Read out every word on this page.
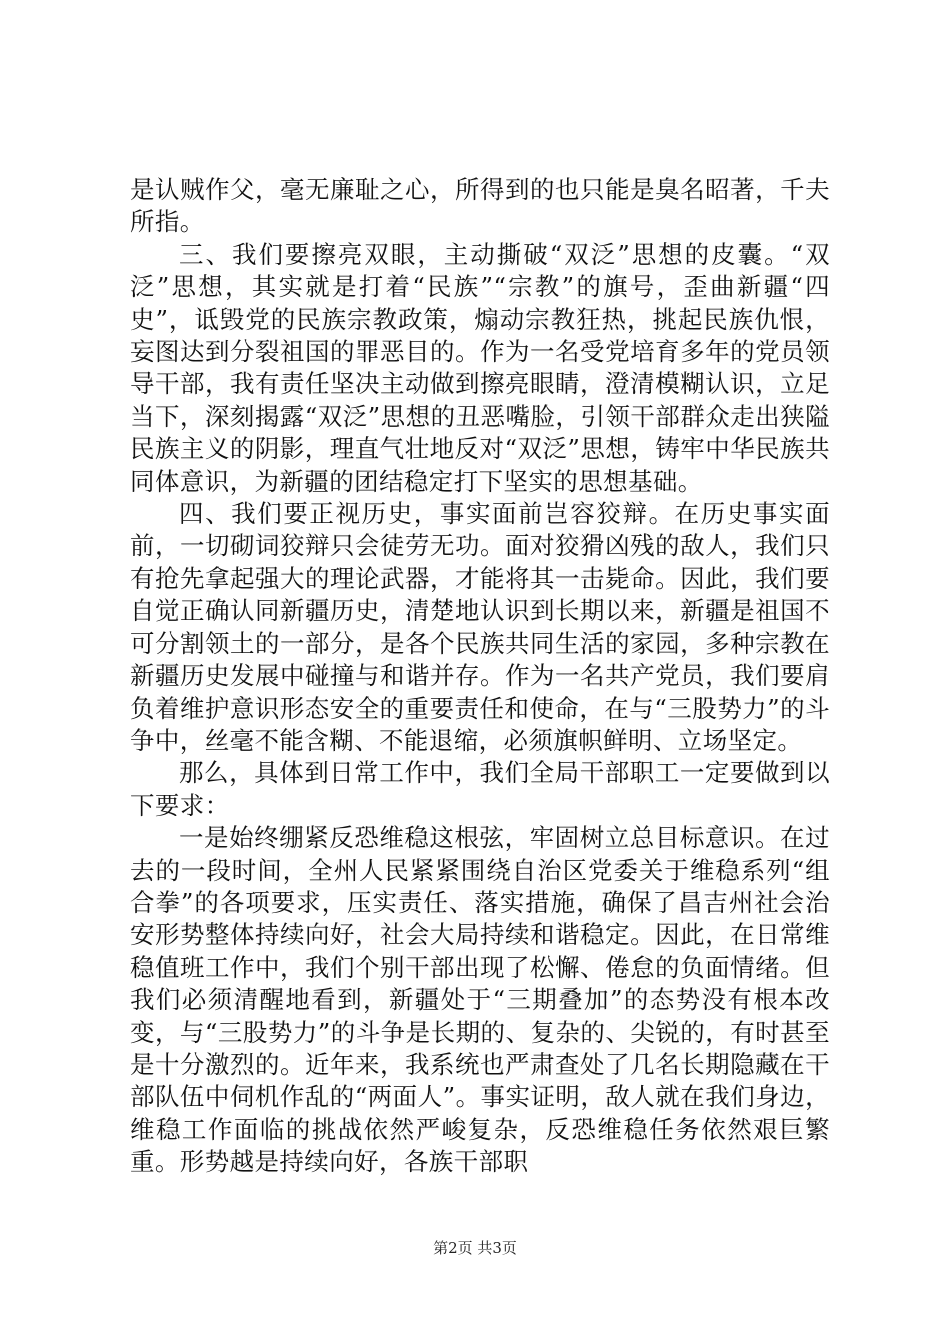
是认贼作父，毫无廉耻之心，所得到的也只能是臭名昭著，千夫所指。

三、我们要擦亮双眼，主动撕破“双泛”思想的皮囊。“双泛”思想，其实就是打着“民族”“宗教”的旗号，歪曲新疆“四史”，诋毁党的民族宗教政策，煽动宗教狂热，挑起民族仇恨，妄图达到分裂祖国的罪恶目的。作为一名受党培育多年的党员领导干部，我有责任坚决主动做到擦亮眼睛，澄清模糊认识，立足当下，深刻揭露“双泛”思想的丑恶嘴脸，引领干部群众走出狭隘民族主义的阴影，理直气壮地反对“双泛”思想，铸牢中华民族共同体意识，为新疆的团结稳定打下坚实的思想基础。

四、我们要正视历史，事实面前岂容狡辩。在历史事实面前，一切砌词狡辩只会徒劳无功。面对狡猾凶残的敌人，我们只有抢先拿起强大的理论武器，才能将其一击毙命。因此，我们要自觉正确认同新疆历史，清楚地认识到长期以来，新疆是祖国不可分割领土的一部分，是各个民族共同生活的家园，多种宗教在新疆历史发展中碰撞与和谐并存。作为一名共产党员，我们要肩负着维护意识形态安全的重要责任和使命，在与“三股势力”的斗争中，丝毫不能含糊、不能退缩，必须旗帜鲜明、立场坚定。

那么，具体到日常工作中，我们全局干部职工一定要做到以下要求：

一是始终绷紧反恐维稳这根弦，牢固树立总目标意识。在过去的一段时间，全州人民紧紧围绕自治区党委关于维稳系列“组合拳”的各项要求，压实责任、落实措施，确保了昌吉州社会治安形势整体持续向好，社会大局持续和谐稳定。因此，在日常维稳值班工作中，我们个别干部出现了松懈、倦怠的负面情绪。但我们必须清醒地看到，新疆处于“三期叠加”的态势没有根本改变，与“三股势力”的斗争是长期的、复杂的、尖锐的，有时甚至是十分激烈的。近年来，我系统也严肃查处了几名长期隐藏在干部队伍中伺机作乱的“两面人”。事实证明，敌人就在我们身边，维稳工作面临的挑战依然严峻复杂，反恐维稳任务依然艰巨繁重。形势越是持续向好，各族干部职

第2页 共3页
